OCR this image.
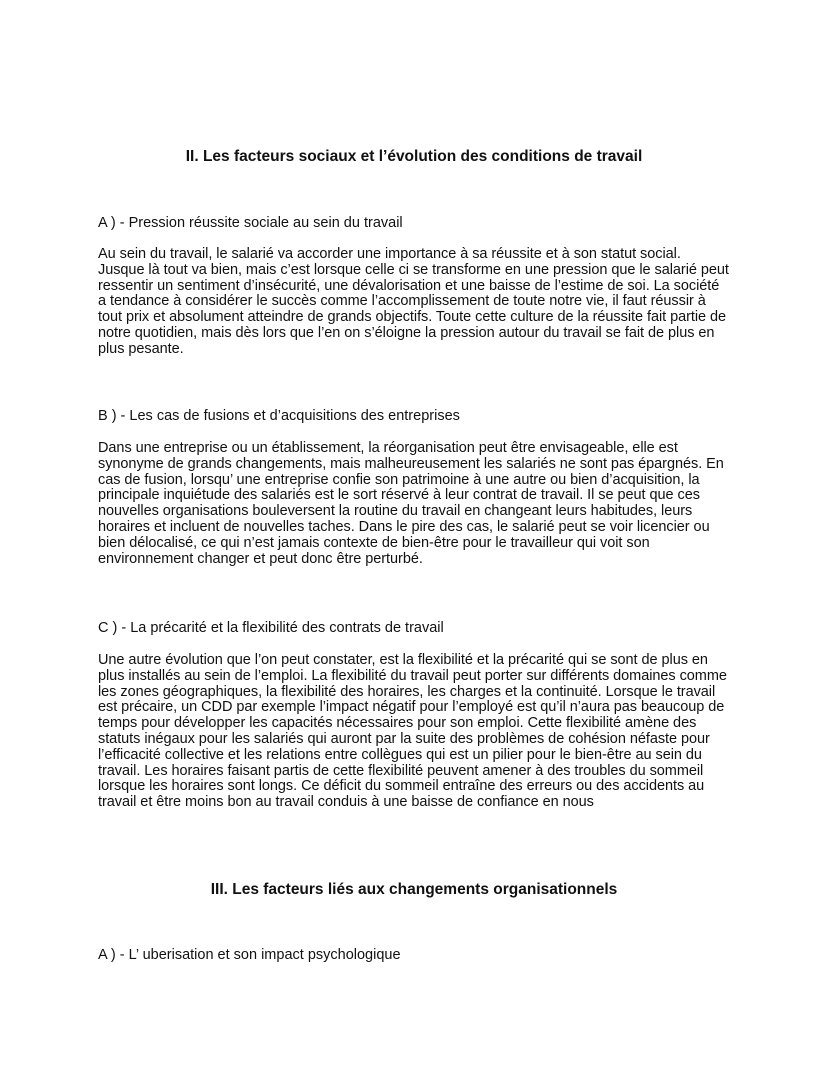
II. Les facteurs sociaux et l’évolution des conditions de travail

A ) - Pression réussite sociale au sein du travail

Au sein du travail, le salarié va accorder une importance à sa réussite et à son statut social. Jusque là tout va bien, mais c’est lorsque celle ci se transforme en une pression que le salarié peut ressentir un sentiment d’insécurité, une dévalorisation et une baisse de l’estime de soi. La société a tendance à considérer le succès comme l’accomplissement de toute notre vie, il faut réussir à tout prix et absolument atteindre de grands objectifs. Toute cette culture de la réussite fait partie de notre quotidien, mais dès lors que l’en on s’éloigne la pression autour du travail se fait de plus en plus pesante.

B ) - Les cas de fusions et d’acquisitions des entreprises

Dans une entreprise ou un établissement, la réorganisation peut être envisageable, elle est synonyme de grands changements, mais malheureusement les salariés ne sont pas épargnés. En cas de fusion, lorsqu’ une entreprise confie son patrimoine à une autre ou bien d’acquisition, la principale inquiétude des salariés est le sort réservé à leur contrat de travail. Il se peut que ces nouvelles organisations bouleversent la routine du travail en changeant leurs habitudes, leurs horaires et incluent de nouvelles taches. Dans le pire des cas, le salarié peut se voir licencier ou bien délocalisé, ce qui n’est jamais contexte de bien-être pour le travailleur qui voit son environnement changer et peut donc être perturbé.

C ) - La précarité et la flexibilité des contrats de travail

Une autre évolution que l’on peut constater, est la flexibilité et la précarité qui se sont de plus en plus installés au sein de l’emploi. La flexibilité du travail peut porter sur différents domaines comme les zones géographiques, la flexibilité des horaires, les charges et la continuité. Lorsque le travail est précaire, un CDD par exemple l’impact négatif pour l’employé est qu’il n’aura pas beaucoup de temps pour développer les capacités nécessaires pour son emploi. Cette flexibilité amène des statuts inégaux pour les salariés qui auront par la suite des problèmes de cohésion néfaste pour l’efficacité collective et les relations entre collègues qui est un pilier pour le bien-être au sein du travail. Les horaires faisant partis de cette flexibilité peuvent amener à des troubles du sommeil lorsque les horaires sont longs. Ce déficit du sommeil entraîne des erreurs ou des accidents au travail et être moins bon au travail conduis à une baisse de confiance en nous

III. Les facteurs liés aux changements organisationnels

A ) - L’ uberisation et son impact psychologique
